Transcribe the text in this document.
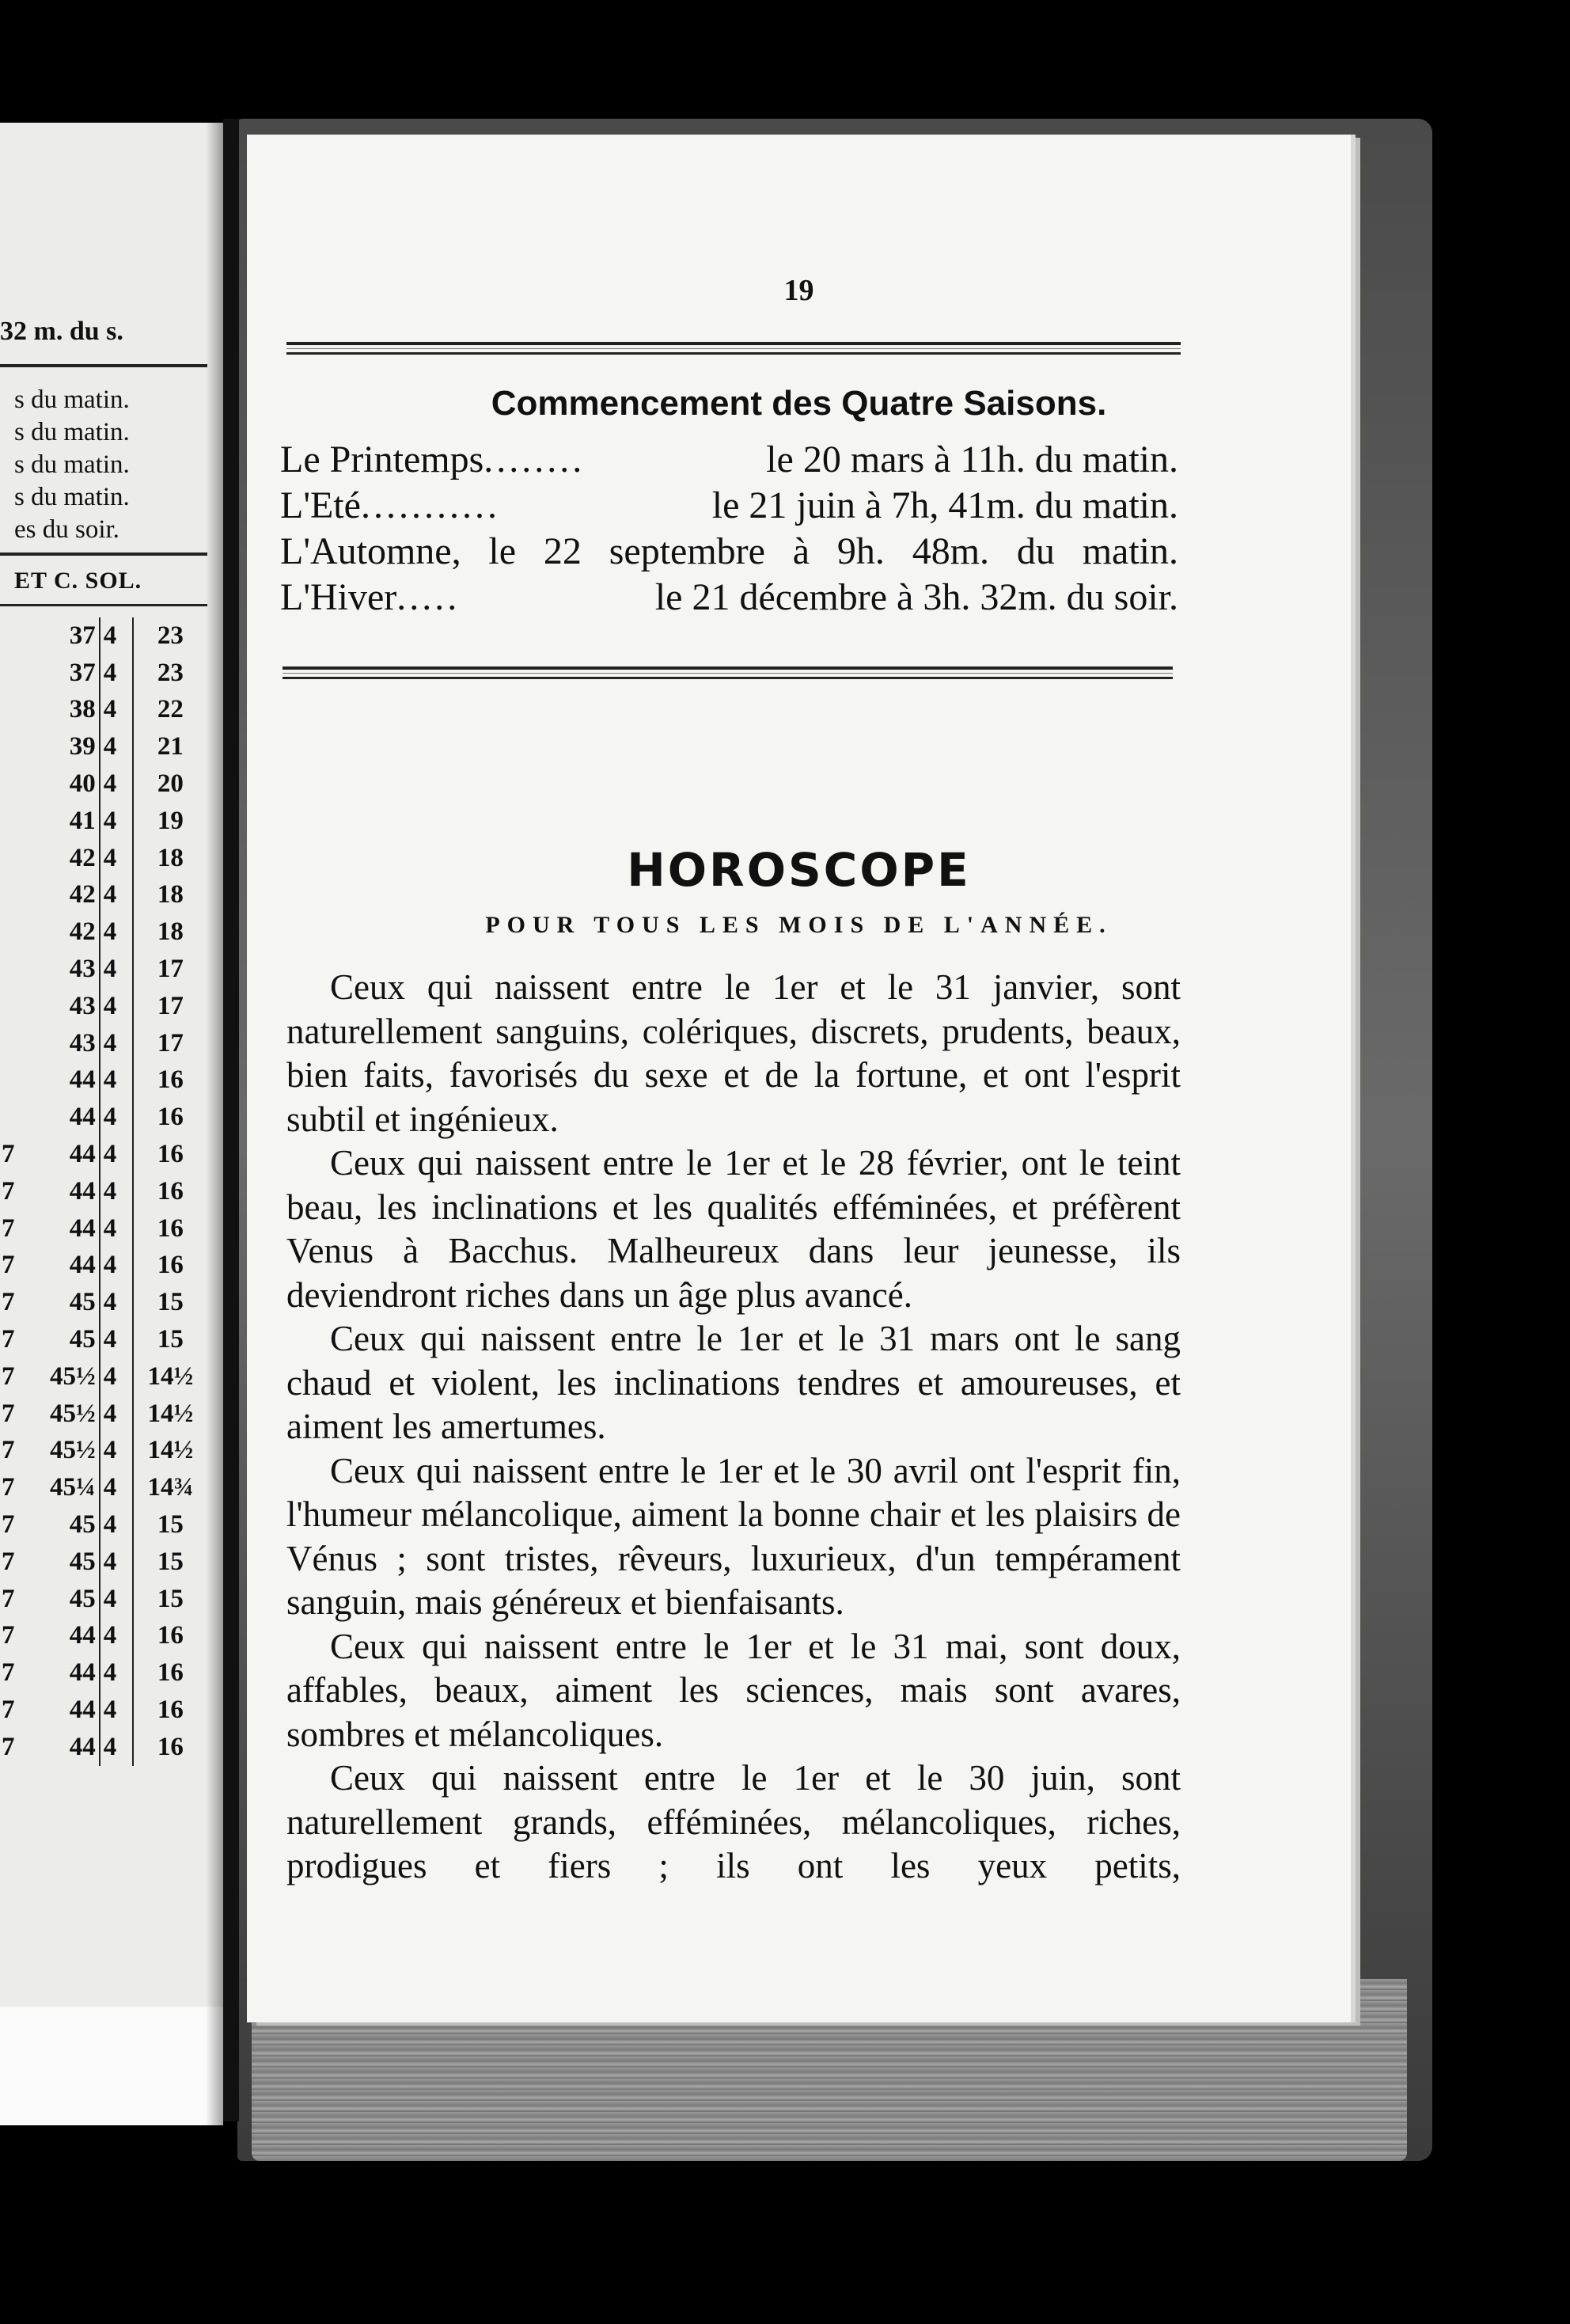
32 m. du s.
s du matin.
s du matin.
s du matin.
s du matin.
es du soir.
ET C. SOL.
	37	4	23
	37	4	23
	38	4	22
	39	4	21
	40	4	20
	41	4	19
	42	4	18
	42	4	18
	42	4	18
	43	4	17
	43	4	17
	43	4	17
	44	4	16
	44	4	16
7	44	4	16
7	44	4	16
7	44	4	16
7	44	4	16
7	45	4	15
7	45	4	15
7	45½	4	14½
7	45½	4	14½
7	45½	4	14½
7	45¼	4	14¾
7	45	4	15
7	45	4	15
7	45	4	15
7	44	4	16
7	44	4	16
7	44	4	16
7	44	4	16
19
Commencement des Quatre Saisons.
Le Printemps ........	le 20 mars à 11h. du matin.
L'Eté ...........	le 21 juin à 7h, 41m. du matin.
L'Automne, le 22 septembre à 9h. 48m. du matin.
L'Hiver .....	le 21 décembre à 3h. 32m. du soir.
HOROSCOPE
POUR TOUS LES MOIS DE L'ANNÉE.

Ceux qui naissent entre le 1er et le 31 janvier, sont naturellement sanguins, colériques, discrets, prudents, beaux, bien faits, favorisés du sexe et de la fortune, et ont l'esprit subtil et ingénieux.

Ceux qui naissent entre le 1er et le 28 février, ont le teint beau, les inclinations et les qualités efféminées, et préfèrent Venus à Bacchus. Malheureux dans leur jeunesse, ils deviendront riches dans un âge plus avancé.

Ceux qui naissent entre le 1er et le 31 mars ont le sang chaud et violent, les inclinations tendres et amoureuses, et aiment les amertumes.

Ceux qui naissent entre le 1er et le 30 avril ont l'esprit fin, l'humeur mélancolique, aiment la bonne chair et les plaisirs de Vénus ; sont tristes, rêveurs, luxurieux, d'un tempérament sanguin, mais généreux et bienfaisants.

Ceux qui naissent entre le 1er et le 31 mai, sont doux, affables, beaux, aiment les sciences, mais sont avares, sombres et mélancoliques.

Ceux qui naissent entre le 1er et le 30 juin, sont naturellement grands, efféminées, mélancoliques, riches, prodigues et fiers ; ils ont les yeux petits,
